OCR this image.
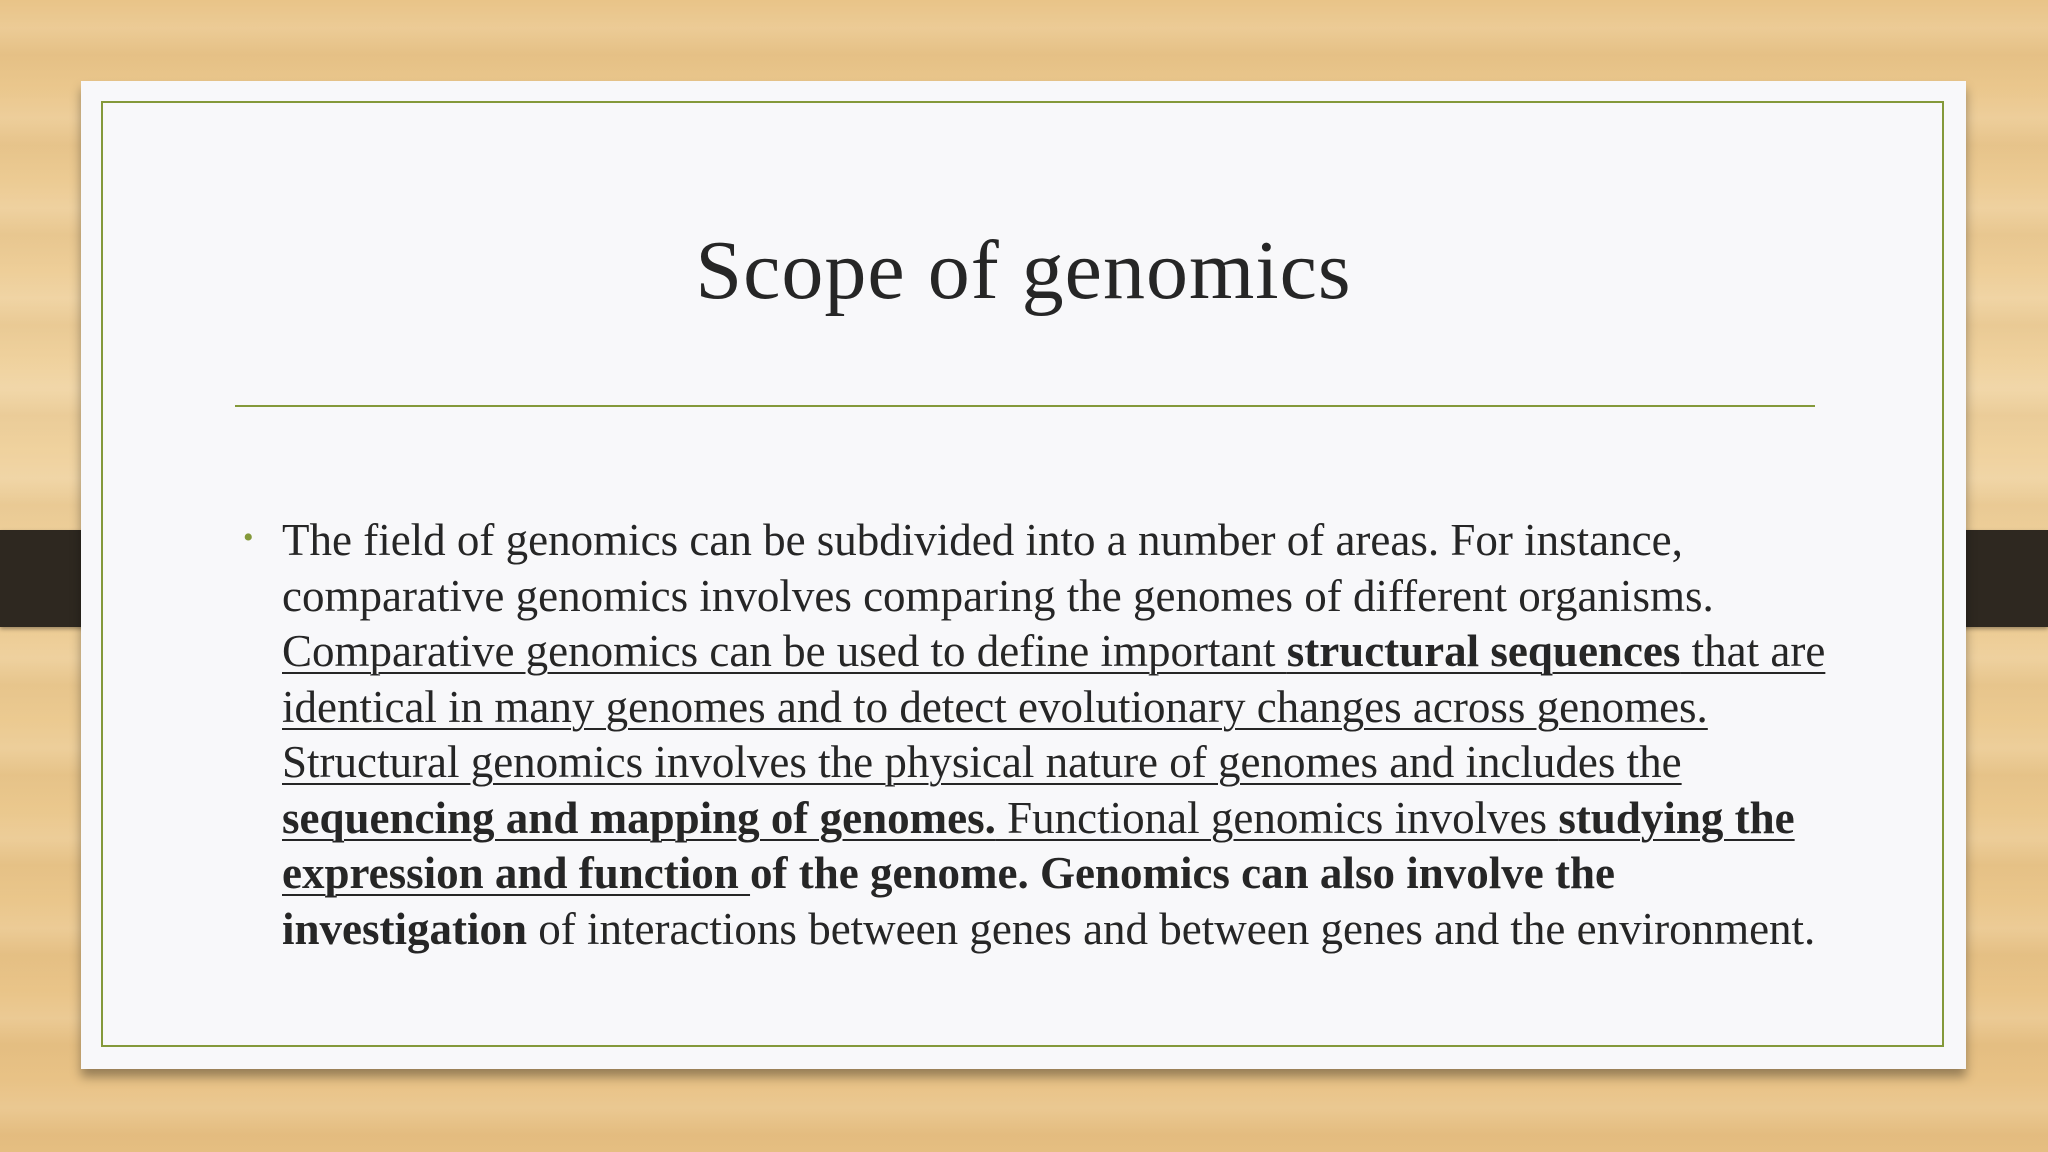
Scope of genomics
• The field of genomics can be subdivided into a number of areas. For instance, comparative genomics involves comparing the genomes of different organisms. Comparative genomics can be used to define important structural sequences that are identical in many genomes and to detect evolutionary changes across genomes. Structural genomics involves the physical nature of genomes and includes the sequencing and mapping of genomes. Functional genomics involves studying the expression and function of the genome. Genomics can also involve the investigation of interactions between genes and between genes and the environment.
